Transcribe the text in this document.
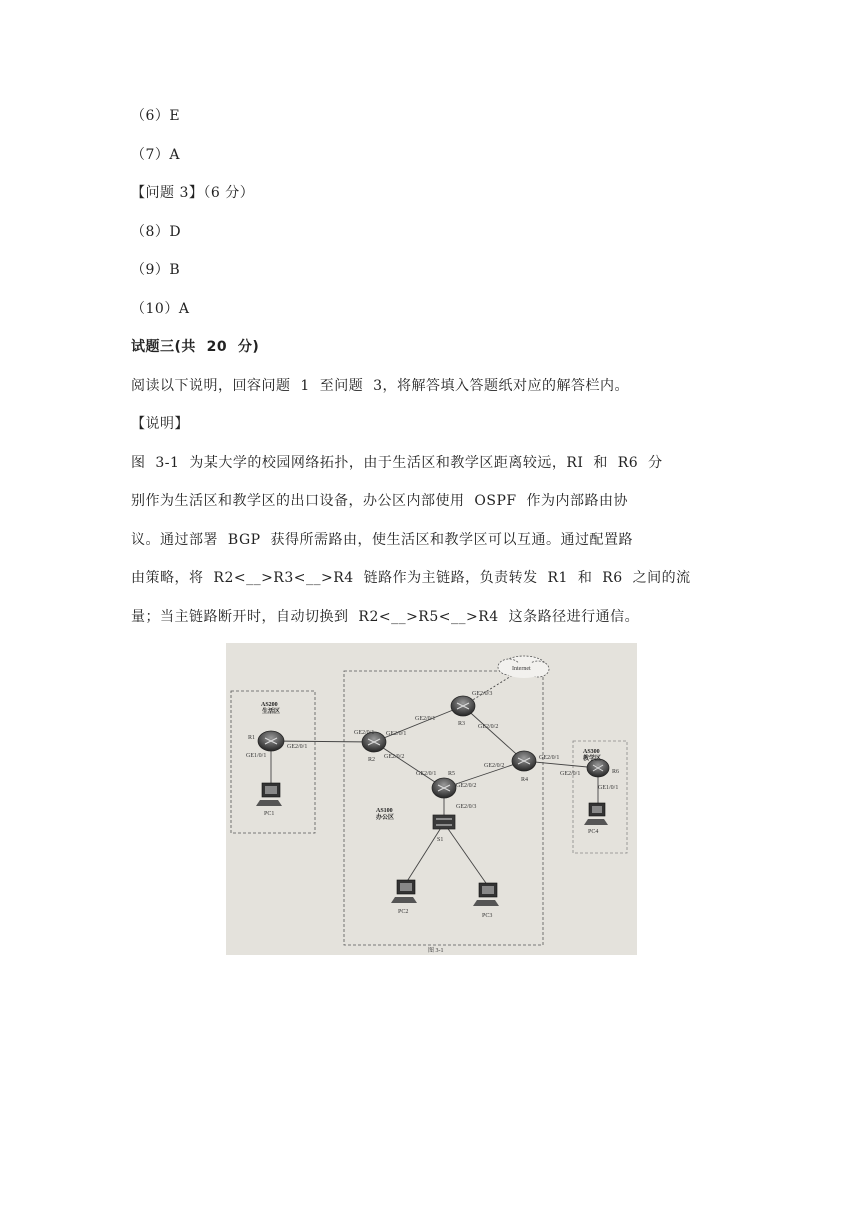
（6）E
（7）A
【问题 3】（6 分）
（8）D
（9）B
（10）A
试题三(共  20  分)
阅读以下说明，回容问题  1  至问题  3，将解答填入答题纸对应的解答栏内。
【说明】
图  3-1  为某大学的校园网络拓扑，由于生活区和教学区距离较远，RI  和  R6  分
别作为生活区和教学区的出口设备，办公区内部使用  OSPF  作为内部路由协
议。通过部署  BGP  获得所需路由，使生活区和教学区可以互通。通过配置路
由策略，将  R2<__>R3<__>R4  链路作为主链路，负责转发  R1  和  R6  之间的流
量；当主链路断开时，自动切换到  R2<__>R5<__>R4  这条路径进行通信。
Internet
AS200
生活区
AS100
办公区
AS300
教学区
R1
R2
R3
R4
R5	R6
S1
PC1
PC2
PC3
PC4
GE1/0/1
GE2/0/1
GE2/0/1 GE2/0/1
GE2/0/2
GE2/0/1
GE2/0/3
GE2/0/2
GE2/0/2
GE2/0/1
GE2/0/1
GE2/0/2
GE2/0/3
GE2/0/1
GE1/0/1
图 3-1
